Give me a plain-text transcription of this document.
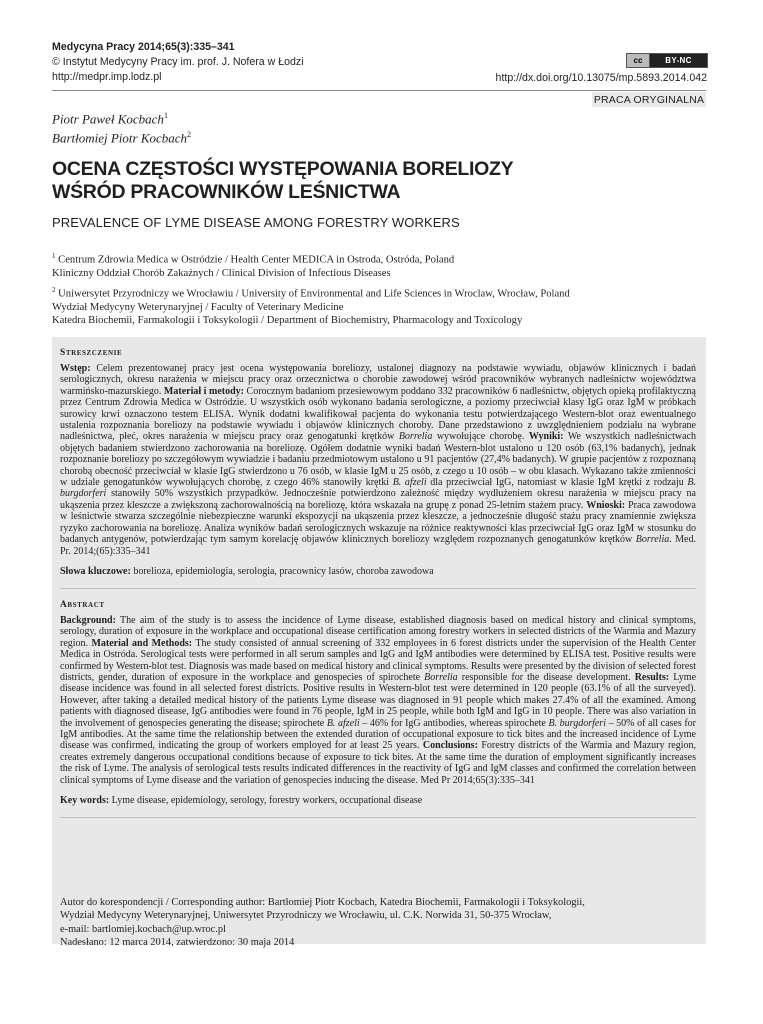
Medycyna Pracy 2014;65(3):335–341
© Instytut Medycyny Pracy im. prof. J. Nofera w Łodzi
http://medpr.imp.lodz.pl
cc	BY-NC
http://dx.doi.org/10.13075/mp.5893.2014.042
PRACA ORYGINALNA
Piotr Paweł Kocbach$^1$
Bartłomiej Piotr Kocbach$^2$
OCENA CZĘSTOŚCI WYSTĘPOWANIA BORELIOZY
WŚRÓD PRACOWNIKÓW LEŚNICTWA
PREVALENCE OF LYME DISEASE AMONG FORESTRY WORKERS

$^1$ Centrum Zdrowia Medica w Ostródzie / Health Center MEDICA in Ostroda, Ostróda, Poland
Kliniczny Oddział Chorób Zakaźnych / Clinical Division of Infectious Diseases

$^2$ Uniwersytet Przyrodniczy we Wrocławiu / University of Environmental and Life Sciences in Wroclaw, Wrocław, Poland
Wydział Medycyny Weterynaryjnej / Faculty of Veterinary Medicine
Katedra Biochemii, Farmakologii i Toksykologii / Department of Biochemistry, Pharmacology and Toxicology

Streszczenie

Wstęp: Celem prezentowanej pracy jest ocena występowania boreliozy, ustalonej diagnozy na podstawie wywiadu, objawów klinicznych i badań serologicznych, okresu narażenia w miejscu pracy oraz orzecznictwa o chorobie zawodowej wśród pracowników wybranych nadleśnictw województwa warmińsko-mazurskiego. Materiał i metody: Corocznym badaniom przesiewowym poddano 332 pracowników 6 nadleśnictw, objętych opieką profilaktyczną przez Centrum Zdrowia Medica w Ostródzie. U wszystkich osób wykonano badania serologiczne, a poziomy przeciwciał klasy IgG oraz IgM w próbkach surowicy krwi oznaczono testem ELISA. Wynik dodatni kwalifikował pacjenta do wykonania testu potwierdzającego Western-blot oraz ewentualnego ustalenia rozpoznania boreliozy na podstawie wywiadu i objawów klinicznych choroby. Dane przedstawiono z uwzględnieniem podziału na wybrane nadleśnictwa, płeć, okres narażenia w miejscu pracy oraz genogatunki krętków Borrelia wywołujące chorobę. Wyniki: We wszystkich nadleśnictwach objętych badaniem stwierdzono zachorowania na boreliozę. Ogółem dodatnie wyniki badań Western-blot ustalono u 120 osób (63,1% badanych), jednak rozpoznanie boreliozy po szczegółowym wywiadzie i badaniu przedmiotowym ustalono u 91 pacjentów (27,4% badanych). W grupie pacjentów z rozpoznaną chorobą obecność przeciwciał w klasie IgG stwierdzono u 76 osób, w klasie IgM u 25 osób, z czego u 10 osób – w obu klasach. Wykazano także zmienności w udziale genogatunków wywołujących chorobę, z czego 46% stanowiły krętki B. afzeli dla przeciwciał IgG, natomiast w klasie IgM krętki z rodzaju B. burgdorferi stanowiły 50% wszystkich przypadków. Jednocześnie potwierdzono zależność między wydłużeniem okresu narażenia w miejscu pracy na ukąszenia przez kleszcze a zwiększoną zachorowalnością na boreliozę, która wskazała na grupę z ponad 25-letnim stażem pracy. Wnioski: Praca zawodowa w leśnictwie stwarza szczególnie niebezpieczne warunki ekspozycji na ukąszenia przez kleszcze, a jednocześnie długość stażu pracy znamiennie zwiększa ryzyko zachorowania na boreliozę. Analiza wyników badań serologicznych wskazuje na różnice reaktywności klas przeciwciał IgG oraz IgM w stosunku do badanych antygenów, potwierdzając tym samym korelację objawów klinicznych boreliozy względem rozpoznanych genogatunków krętków Borrelia. Med. Pr. 2014;(65):335–341

Słowa kluczowe: borelioza, epidemiologia, serologia, pracownicy lasów, choroba zawodowa

Abstract

Background: The aim of the study is to assess the incidence of Lyme disease, established diagnosis based on medical history and clinical symptoms, serology, duration of exposure in the workplace and occupational disease certification among forestry workers in selected districts of the Warmia and Mazury region. Material and Methods: The study consisted of annual screening of 332 employees in 6 forest districts under the supervision of the Health Center Medica in Ostróda. Serological tests were performed in all serum samples and IgG and IgM antibodies were determined by ELISA test. Positive results were confirmed by Western-blot test. Diagnosis was made based on medical history and clinical symptoms. Results were presented by the division of selected forest districts, gender, duration of exposure in the workplace and genospecies of spirochete Borrelia responsible for the disease development. Results: Lyme disease incidence was found in all selected forest districts. Positive results in Western-blot test were determined in 120 people (63.1% of all the surveyed). However, after taking a detailed medical history of the patients Lyme disease was diagnosed in 91 people which makes 27.4% of all the examined. Among patients with diagnosed disease, IgG antibodies were found in 76 people, IgM in 25 people, while both IgM and IgG in 10 people. There was also variation in the involvement of genospecies generating the disease; spirochete B. afzeli – 46% for IgG antibodies, whereas spirochete B. burgdorferi – 50% of all cases for IgM antibodies. At the same time the relationship between the extended duration of occupational exposure to tick bites and the increased incidence of Lyme disease was confirmed, indicating the group of workers employed for at least 25 years. Conclusions: Forestry districts of the Warmia and Mazury region, creates extremely dangerous occupational conditions because of exposure to tick bites. At the same time the duration of employment significantly increases the risk of Lyme. The analysis of serological tests results indicated differences in the reactivity of IgG and IgM classes and confirmed the correlation between clinical symptoms of Lyme disease and the variation of genospecies inducing the disease. Med Pr 2014;65(3):335–341

Key words: Lyme disease, epidemiology, serology, forestry workers, occupational disease

Autor do korespondencji / Corresponding author: Bartłomiej Piotr Kocbach, Katedra Biochemii, Farmakologii i Toksykologii,
Wydział Medycyny Weterynaryjnej, Uniwersytet Przyrodniczy we Wrocławiu, ul. C.K. Norwida 31, 50-375 Wrocław,
e-mail: bartlomiej.kocbach@up.wroc.pl
Nadesłano: 12 marca 2014, zatwierdzono: 30 maja 2014
